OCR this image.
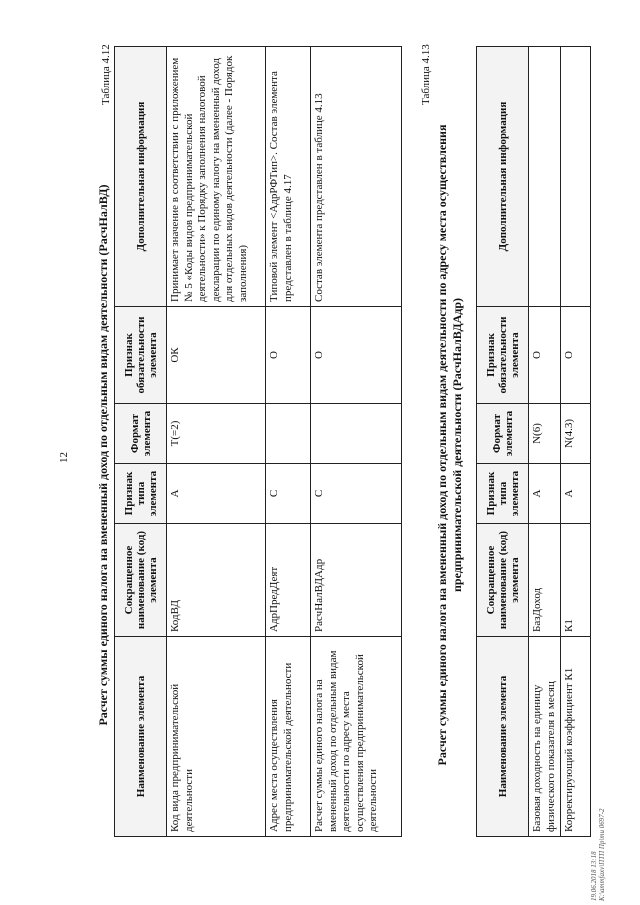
12
Таблица 4.12
Расчет суммы единого налога на вмененный доход по отдельным видам деятельности (РасчНалВД)
Наименование элемента	Сокращенное наименование (код) элемента	Признак типа элемента	Формат элемента	Признак обязательности элемента	Дополнительная информация
Код вида предпринимательской деятельности	КодВД	А	T(=2)	ОК	Принимает значение в соответствии с приложением № 5 «Коды видов предпринимательской деятельности» к Порядку заполнения налоговой декларации по единому налогу на вмененный доход для отдельных видов деятельности (далее - Порядок заполнения)
Адрес места осуществления предпринимательской деятельности	АдрПредДеят	С		О	Типовой элемент <АдрРФТип>. Состав элемента представлен в таблице 4.17
Расчет суммы единого налога на вмененный доход по отдельным видам деятельности по адресу места осуществления предпринимательской деятельности	РасчНалВДАдр	С		О	Состав элемента представлен в таблице 4.13
Таблица 4.13
Расчет суммы единого налога на вмененный доход по отдельным видам деятельности по адресу места осуществления предпринимательской деятельности (РасчНалВДАдр)
Наименование элемента	Сокращенное наименование (код) элемента	Признак типа элемента	Формат элемента	Признак обязательности элемента	Дополнительная информация
Базовая доходность на единицу физического показателя в месяц	БазДоход	А	N(6)	О	
Корректирующий коэффициент К1	К1	А	N(4.3)	О	
19.06.2018 13:18 К:\ammfaxv\ПТП Пр\ти 0697-2
